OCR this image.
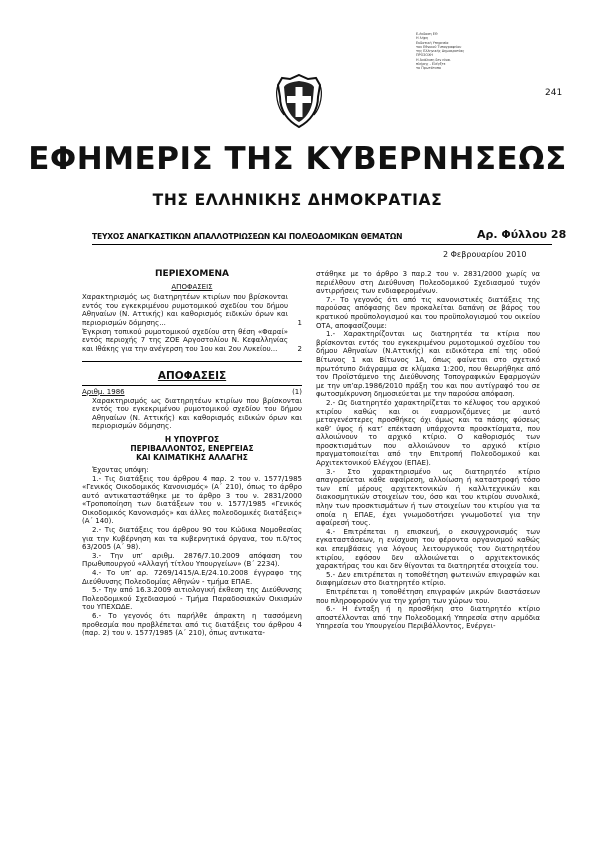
Ε-έκδοση ΕΘ
Η λήψη
Εκδοτική Υπηρεσία
του Εθνικού Τυπογραφείου
της Ελληνικής Δημοκρατίας
ΠΡΟΣΟΧΗ
Η Ανάλυση δεν είναι
πλήρης - Ελέγξτε
το Πρωτότυπο
241
ΕΦΗΜΕΡΙΣ ΤΗΣ ΚΥΒΕΡΝΗΣΕΩΣ
ΤΗΣ ΕΛΛΗΝΙΚΗΣ ΔΗΜΟΚΡΑΤΙΑΣ
ΤΕΥΧΟΣ ΑΝΑΓΚΑΣΤΙΚΩΝ ΑΠΑΛΛΟΤΡΙΩΣΕΩΝ ΚΑΙ ΠΟΛΕΟΔΟΜΙΚΩΝ ΘΕΜΑΤΩΝ	Αρ. Φύλλου 28
2 Φεβρουαρίου 2010
ΠΕΡΙΕΧΟΜΕΝΑ
ΑΠΟΦΑΣΕΙΣ

Χαρακτηρισμός ως διατηρητέων κτιρίων που βρίσκονται εντός του εγκεκριμένου ρυμοτομικού σχεδίου του δήμου Αθηναίων (Ν. Αττικής) και καθορισμός ειδικών όρων και περιορισμών δόμησης...	1

Έγκριση τοπικού ρυμοτομικού σχεδίου στη θέση «Φαραί» εντός περιοχής 7 της ΖΟΕ Αργοστολίου Ν. Κεφαλληνίας και Ιθάκης για την ανέγερση του 1ου και 2ου Λυκείου...	2
ΑΠΟΦΑΣΕΙΣ
Αριθμ. 1986	(1)

Χαρακτηρισμός ως διατηρητέων κτιρίων που βρίσκονται εντός του εγκεκριμένου ρυμοτομικού σχεδίου του δήμου Αθηναίων (Ν. Αττικής) και καθορισμός ειδικών όρων και περιορισμών δόμησης.

Η ΥΠΟΥΡΓΟΣ
ΠΕΡΙΒΑΛΛΟΝΤΟΣ, ΕΝΕΡΓΕΙΑΣ
ΚΑΙ ΚΛΙΜΑΤΙΚΗΣ ΑΛΛΑΓΗΣ

Έχοντας υπόψη:

1.- Τις διατάξεις του άρθρου 4 παρ. 2 του ν. 1577/1985 «Γενικός Οικοδομικός Κανονισμός» (Α΄ 210), όπως το άρθρο αυτό αντικαταστάθηκε με το άρθρο 3 του ν. 2831/2000 «Τροποποίηση των διατάξεων του ν. 1577/1985 «Γενικός Οικοδομικός Κανονισμός» και άλλες πολεοδομικές διατάξεις» (Α΄ 140).

2.- Τις διατάξεις του άρθρου 90 του Κώδικα Νομοθεσίας για την Κυβέρνηση και τα κυβερνητικά όργανα, του π.δ/τος 63/2005 (Α΄ 98).

3.- Την υπ’ αριθμ. 2876/7.10.2009 απόφαση του Πρωθυπουργού «Αλλαγή τίτλου Υπουργείων» (Β΄ 2234).

4.- Το υπ’ αρ. 7269/1415/Α.Ε/24.10.2008 έγγραφο της Διεύθυνσης Πολεοδομίας Αθηνών - τμήμα ΕΠΑΕ.

5.- Την από 16.3.2009 αιτιολογική έκθεση της Διεύθυνσης Πολεοδομικού Σχεδιασμού - Τμήμα Παραδοσιακών Οικισμών του ΥΠΕΧΩΔΕ.

6.- Το γεγονός ότι παρήλθε άπρακτη η τασσόμενη προθεσμία που προβλέπεται από τις διατάξεις του άρθρου 4 (παρ. 2) του ν. 1577/1985 (Α΄ 210), όπως αντικατα-

στάθηκε με το άρθρο 3 παρ.2 του ν. 2831/2000 χωρίς να περιέλθουν στη Διεύθυνση Πολεοδομικού Σχεδιασμού τυχόν αντιρρήσεις των ενδιαφερομένων.

7.- Το γεγονός ότι από τις κανονιστικές διατάξεις της παρούσας απόφασης δεν προκαλείται δαπάνη σε βάρος του κρατικού προϋπολογισμού και του προϋπολογισμού του οικείου ΟΤΑ, αποφασίζουμε:

1.- Χαρακτηρίζονται ως διατηρητέα τα κτίρια που βρίσκονται εντός του εγκεκριμένου ρυμοτομικού σχεδίου του δήμου Αθηναίων (Ν.Αττικής) και ειδικότερα επί της οδού Βίτωνος 1 και Βίτωνος 1Α, όπως φαίνεται στο σχετικό πρωτότυπο διάγραμμα σε κλίμακα 1:200, που θεωρήθηκε από τον Προϊστάμενο της Διεύθυνσης Τοπογραφικών Εφαρμογών με την υπ’αρ.1986/2010 πράξη του και που αντίγραφό του σε φωτοσμίκρυνση δημοσιεύεται με την παρούσα απόφαση.

2.- Ως διατηρητέο χαρακτηρίζεται το κέλυφος του αρχικού κτιρίου καθώς και οι εναρμονιζόμενες με αυτό μεταγενέστερες προσθήκες όχι όμως και τα πάσης φύσεως καθ’ ύψος ή κατ’ επέκταση υπάρχοντα προσκτίσματα, που αλλοιώνουν το αρχικό κτίριο. Ο καθορισμός των προσκτισμάτων που αλλοιώνουν το αρχικό κτίριο πραγματοποιείται από την Επιτροπή Πολεοδομικού και Αρχιτεκτονικού Ελέγχου (ΕΠΑΕ).

3.- Στο χαρακτηρισμένο ως διατηρητέο κτίριο απαγορεύεται κάθε αφαίρεση, αλλοίωση ή καταστροφή τόσο των επί μέρους αρχιτεκτονικών ή καλλιτεχνικών και διακοσμητικών στοιχείων του, όσο και του κτιρίου συνολικά, πλην των προσκτισμάτων ή των στοιχείων του κτιρίου για τα οποία η ΕΠΑΕ, έχει γνωμοδοτήσει γνωμοδοτεί για την αφαίρεσή τους.

4.- Επιτρέπεται η επισκευή, ο εκσυγχρονισμός των εγκαταστάσεων, η ενίσχυση του φέροντα οργανισμού καθώς και επεμβάσεις για λόγους λειτουργικούς του διατηρητέου κτιρίου, εφόσον δεν αλλοιώνεται ο αρχιτεκτονικός χαρακτήρας του και δεν θίγονται τα διατηρητέα στοιχεία του.

5.- Δεν επιτρέπεται η τοποθέτηση φωτεινών επιγραφών και διαφημίσεων στο διατηρητέο κτίριο.

Επιτρέπεται η τοποθέτηση επιγραφών μικρών διαστάσεων που πληροφορούν για την χρήση των χώρων του.

6.- Η ένταξη ή η προσθήκη στο διατηρητέο κτίριο αποστέλλονται από την Πολεοδομική Υπηρεσία στην αρμόδια Υπηρεσία του Υπουργείου Περιβάλλοντος, Ενέργει-
